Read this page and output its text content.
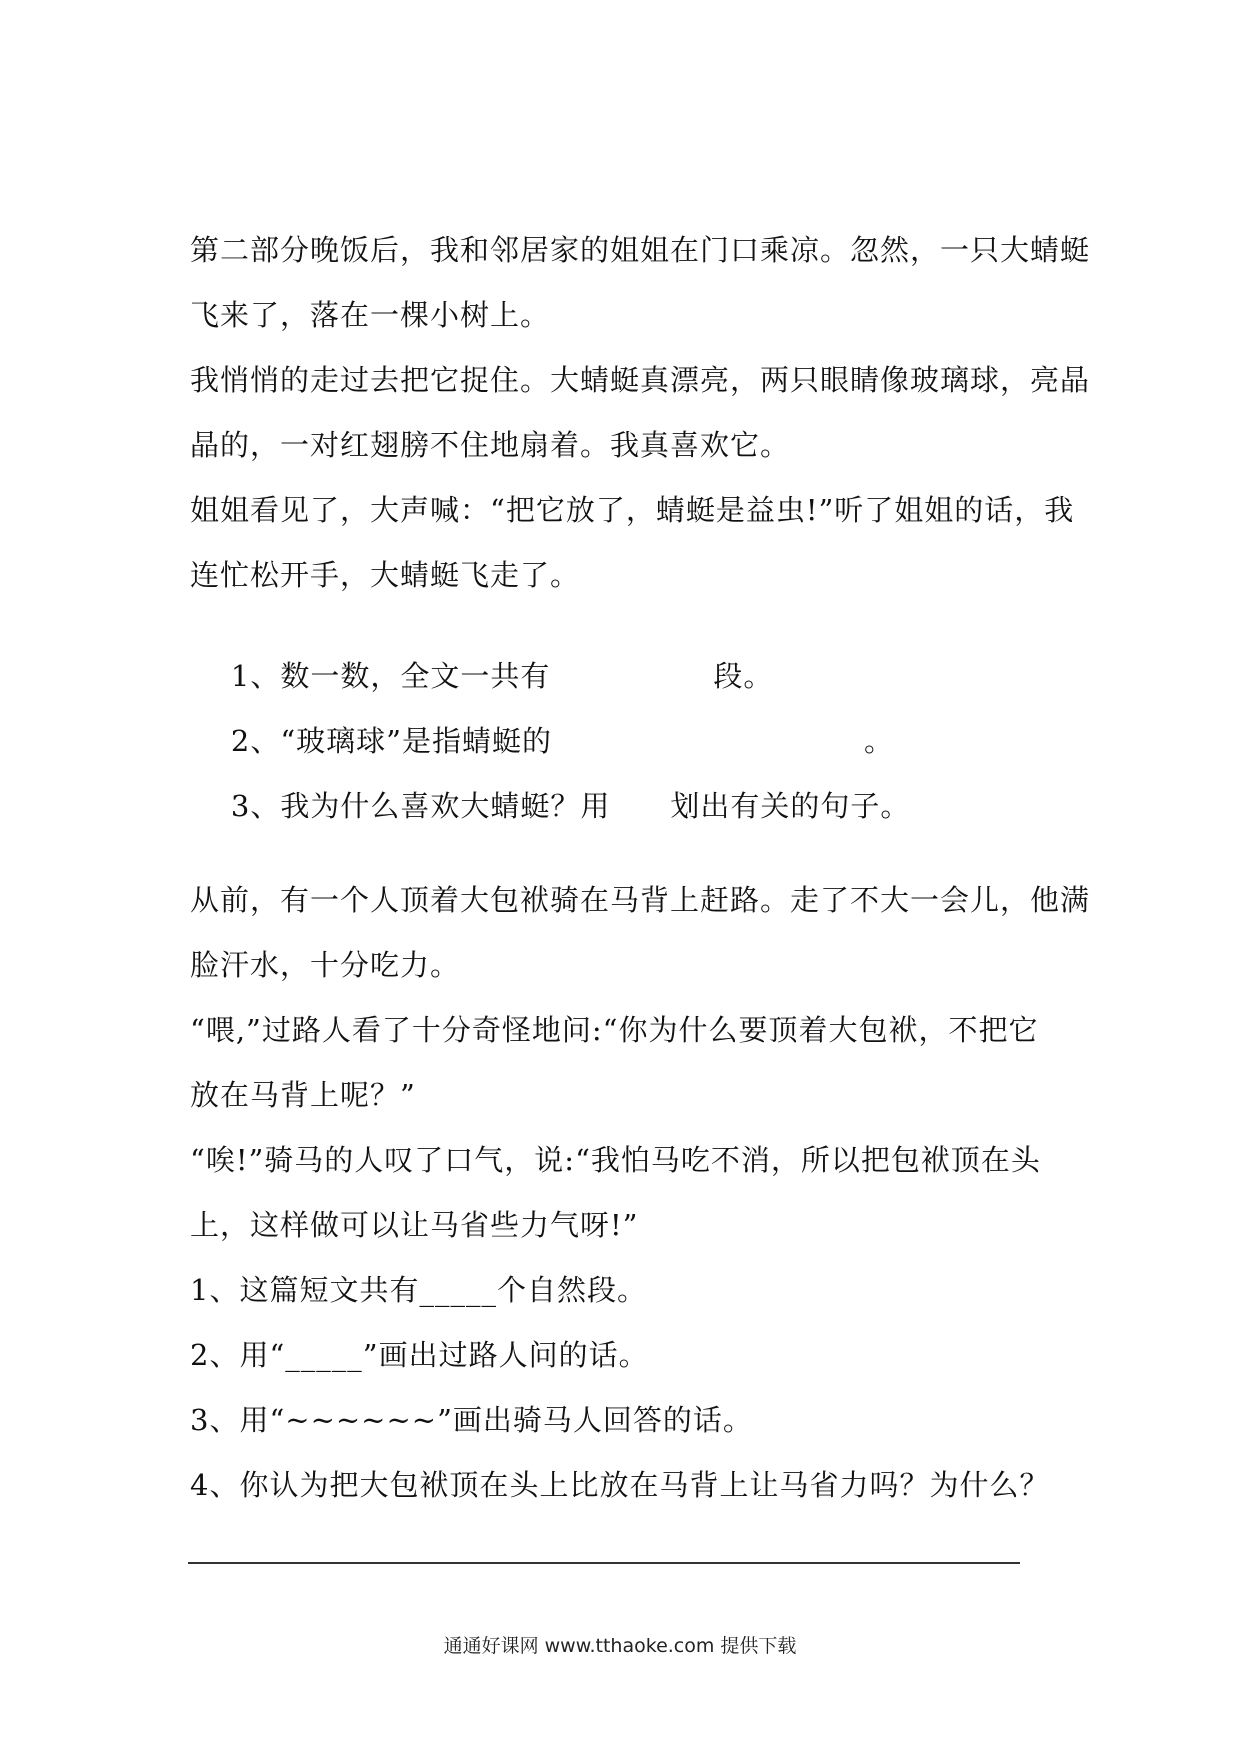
第二部分晚饭后，我和邻居家的姐姐在门口乘凉。忽然，一只大蜻蜓
飞来了，落在一棵小树上。
我悄悄的走过去把它捉住。大蜻蜓真漂亮，两只眼睛像玻璃球，亮晶
晶的，一对红翅膀不住地扇着。我真喜欢它。
姐姐看见了，大声喊：“把它放了，蜻蜓是益虫!”听了姐姐的话，我
连忙松开手，大蜻蜓飞走了。

1、数一数，全文一共有	段。

2、“玻璃球”是指蜻蜓的	。

3、我为什么喜欢大蜻蜓？用 划出有关的句子。

从前，有一个人顶着大包袱骑在马背上赶路。走了不大一会儿，他满
脸汗水，十分吃力。
“喂,”过路人看了十分奇怪地问:“你为什么要顶着大包袱，不把它
放在马背上呢？”
“唉!”骑马的人叹了口气，说:“我怕马吃不消，所以把包袱顶在头
上，这样做可以让马省些力气呀!”
1、这篇短文共有_____个自然段。
2、用“_____”画出过路人问的话。
3、用“~~~~~~”画出骑马人回答的话。
4、你认为把大包袱顶在头上比放在马背上让马省力吗？为什么？
通通好课网 www.tthaoke.com 提供下载
